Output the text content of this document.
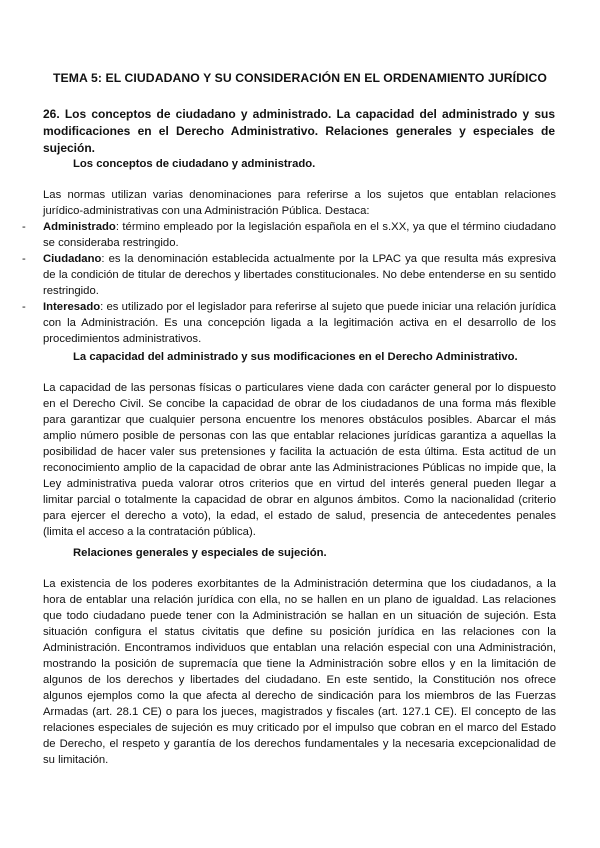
TEMA 5: EL CIUDADANO Y SU CONSIDERACIÓN EN EL ORDENAMIENTO JURÍDICO
26. Los conceptos de ciudadano y administrado. La capacidad del administrado y sus modificaciones en el Derecho Administrativo. Relaciones generales y especiales de sujeción.
Los conceptos de ciudadano y administrado.
Las normas utilizan varias denominaciones para referirse a los sujetos que entablan relaciones jurídico-administrativas con una Administración Pública. Destaca:
- Administrado: término empleado por la legislación española en el s.XX, ya que el término ciudadano se consideraba restringido.
- Ciudadano: es la denominación establecida actualmente por la LPAC ya que resulta más expresiva de la condición de titular de derechos y libertades constitucionales. No debe entenderse en su sentido restringido.
- Interesado: es utilizado por el legislador para referirse al sujeto que puede iniciar una relación jurídica con la Administración. Es una concepción ligada a la legitimación activa en el desarrollo de los procedimientos administrativos.
La capacidad del administrado y sus modificaciones en el Derecho Administrativo.
La capacidad de las personas físicas o particulares viene dada con carácter general por lo dispuesto en el Derecho Civil. Se concibe la capacidad de obrar de los ciudadanos de una forma más flexible para garantizar que cualquier persona encuentre los menores obstáculos posibles. Abarcar el más amplio número posible de personas con las que entablar relaciones jurídicas garantiza a aquellas la posibilidad de hacer valer sus pretensiones y facilita la actuación de esta última. Esta actitud de un reconocimiento amplio de la capacidad de obrar ante las Administraciones Públicas no impide que, la Ley administrativa pueda valorar otros criterios que en virtud del interés general pueden llegar a limitar parcial o totalmente la capacidad de obrar en algunos ámbitos. Como la nacionalidad (criterio para ejercer el derecho a voto), la edad, el estado de salud, presencia de antecedentes penales (limita el acceso a la contratación pública).
Relaciones generales y especiales de sujeción.
La existencia de los poderes exorbitantes de la Administración determina que los ciudadanos, a la hora de entablar una relación jurídica con ella, no se hallen en un plano de igualdad. Las relaciones que todo ciudadano puede tener con la Administración se hallan en un situación de sujeción. Esta situación configura el status civitatis que define su posición jurídica en las relaciones con la Administración. Encontramos individuos que entablan una relación especial con una Administración, mostrando la posición de supremacía que tiene la Administración sobre ellos y en la limitación de algunos de los derechos y libertades del ciudadano. En este sentido, la Constitución nos ofrece algunos ejemplos como la que afecta al derecho de sindicación para los miembros de las Fuerzas Armadas (art. 28.1 CE) o para los jueces, magistrados y fiscales (art. 127.1 CE). El concepto de las relaciones especiales de sujeción es muy criticado por el impulso que cobran en el marco del Estado de Derecho, el respeto y garantía de los derechos fundamentales y la necesaria excepcionalidad de su limitación.
